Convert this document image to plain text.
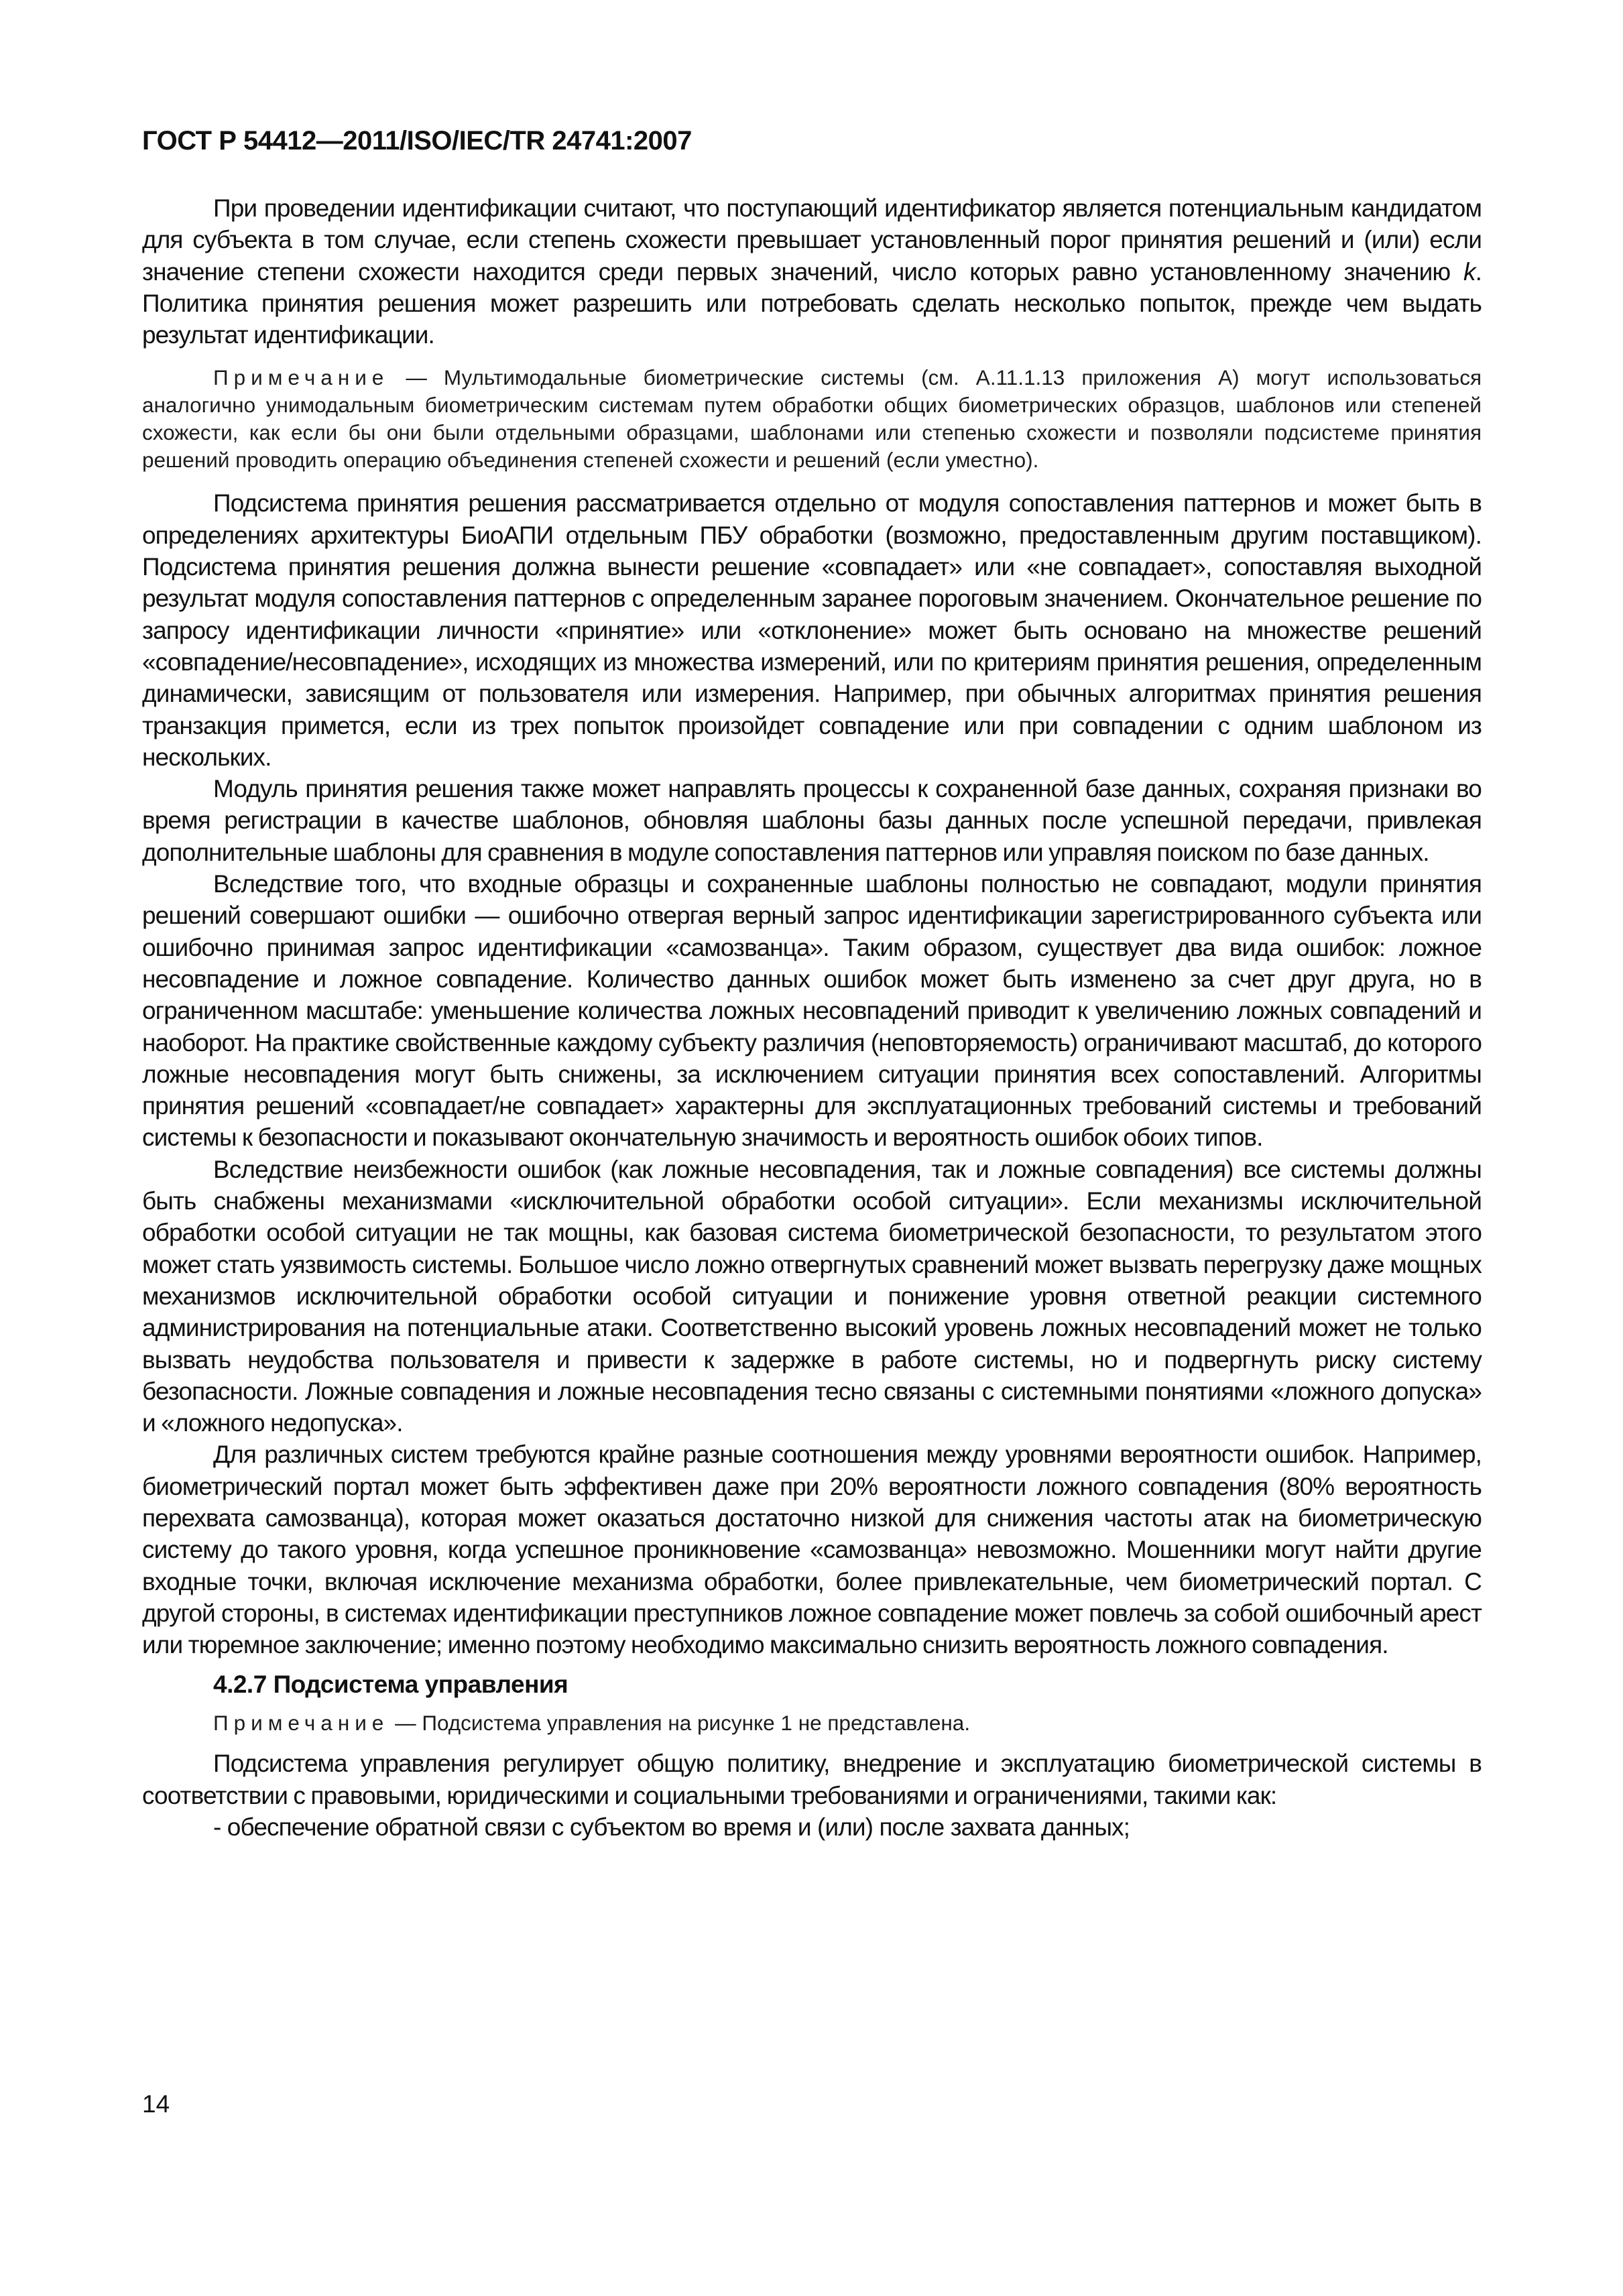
ГОСТ Р 54412—2011/ISO/IEC/TR 24741:2007

При проведении идентификации считают, что поступающий идентификатор является потенциальным кандидатом для субъекта в том случае, если степень схожести превышает установленный порог принятия решений и (или) если значение степени схожести находится среди первых значений, число которых равно установленному значению k. Политика принятия решения может разрешить или потребовать сделать несколько попыток, прежде чем выдать результат идентификации.

Примечание — Мультимодальные биометрические системы (см. А.11.1.13 приложения А) могут использоваться аналогично унимодальным биометрическим системам путем обработки общих биометрических образцов, шаблонов или степеней схожести, как если бы они были отдельными образцами, шаблонами или степенью схожести и позволяли подсистеме принятия решений проводить операцию объединения степеней схожести и решений (если уместно).

Подсистема принятия решения рассматривается отдельно от модуля сопоставления паттернов и может быть в определениях архитектуры БиоАПИ отдельным ПБУ обработки (возможно, предоставленным другим поставщиком). Подсистема принятия решения должна вынести решение «совпадает» или «не совпадает», сопоставляя выходной результат модуля сопоставления паттернов с определенным заранее пороговым значением. Окончательное решение по запросу идентификации личности «принятие» или «отклонение» может быть основано на множестве решений «совпадение/несовпадение», исходящих из множества измерений, или по критериям принятия решения, определенным динамически, зависящим от пользователя или измерения. Например, при обычных алгоритмах принятия решения транзакция примется, если из трех попыток произойдет совпадение или при совпадении с одним шаблоном из нескольких.

Модуль принятия решения также может направлять процессы к сохраненной базе данных, сохраняя признаки во время регистрации в качестве шаблонов, обновляя шаблоны базы данных после успешной передачи, привлекая дополнительные шаблоны для сравнения в модуле сопоставления паттернов или управляя поиском по базе данных.

Вследствие того, что входные образцы и сохраненные шаблоны полностью не совпадают, модули принятия решений совершают ошибки — ошибочно отвергая верный запрос идентификации зарегистрированного субъекта или ошибочно принимая запрос идентификации «самозванца». Таким образом, существует два вида ошибок: ложное несовпадение и ложное совпадение. Количество данных ошибок может быть изменено за счет друг друга, но в ограниченном масштабе: уменьшение количества ложных несовпадений приводит к увеличению ложных совпадений и наоборот. На практике свойственные каждому субъекту различия (неповторяемость) ограничивают масштаб, до которого ложные несовпадения могут быть снижены, за исключением ситуации принятия всех сопоставлений. Алгоритмы принятия решений «совпадает/не совпадает» характерны для эксплуатационных требований системы и требований системы к безопасности и показывают окончательную значимость и вероятность ошибок обоих типов.

Вследствие неизбежности ошибок (как ложные несовпадения, так и ложные совпадения) все системы должны быть снабжены механизмами «исключительной обработки особой ситуации». Если механизмы исключительной обработки особой ситуации не так мощны, как базовая система биометрической безопасности, то результатом этого может стать уязвимость системы. Большое число ложно отвергнутых сравнений может вызвать перегрузку даже мощных механизмов исключительной обработки особой ситуации и понижение уровня ответной реакции системного администрирования на потенциальные атаки. Соответственно высокий уровень ложных несовпадений может не только вызвать неудобства пользователя и привести к задержке в работе системы, но и подвергнуть риску систему безопасности. Ложные совпадения и ложные несовпадения тесно связаны с системными понятиями «ложного допуска» и «ложного недопуска».

Для различных систем требуются крайне разные соотношения между уровнями вероятности ошибок. Например, биометрический портал может быть эффективен даже при 20% вероятности ложного совпадения (80% вероятность перехвата самозванца), которая может оказаться достаточно низкой для снижения частоты атак на биометрическую систему до такого уровня, когда успешное проникновение «самозванца» невозможно. Мошенники могут найти другие входные точки, включая исключение механизма обработки, более привлекательные, чем биометрический портал. С другой стороны, в системах идентификации преступников ложное совпадение может повлечь за собой ошибочный арест или тюремное заключение; именно поэтому необходимо максимально снизить вероятность ложного совпадения.

4.2.7 Подсистема управления

Примечание — Подсистема управления на рисунке 1 не представлена.

Подсистема управления регулирует общую политику, внедрение и эксплуатацию биометрической системы в соответствии с правовыми, юридическими и социальными требованиями и ограничениями, такими как:

- обеспечение обратной связи с субъектом во время и (или) после захвата данных;

14
